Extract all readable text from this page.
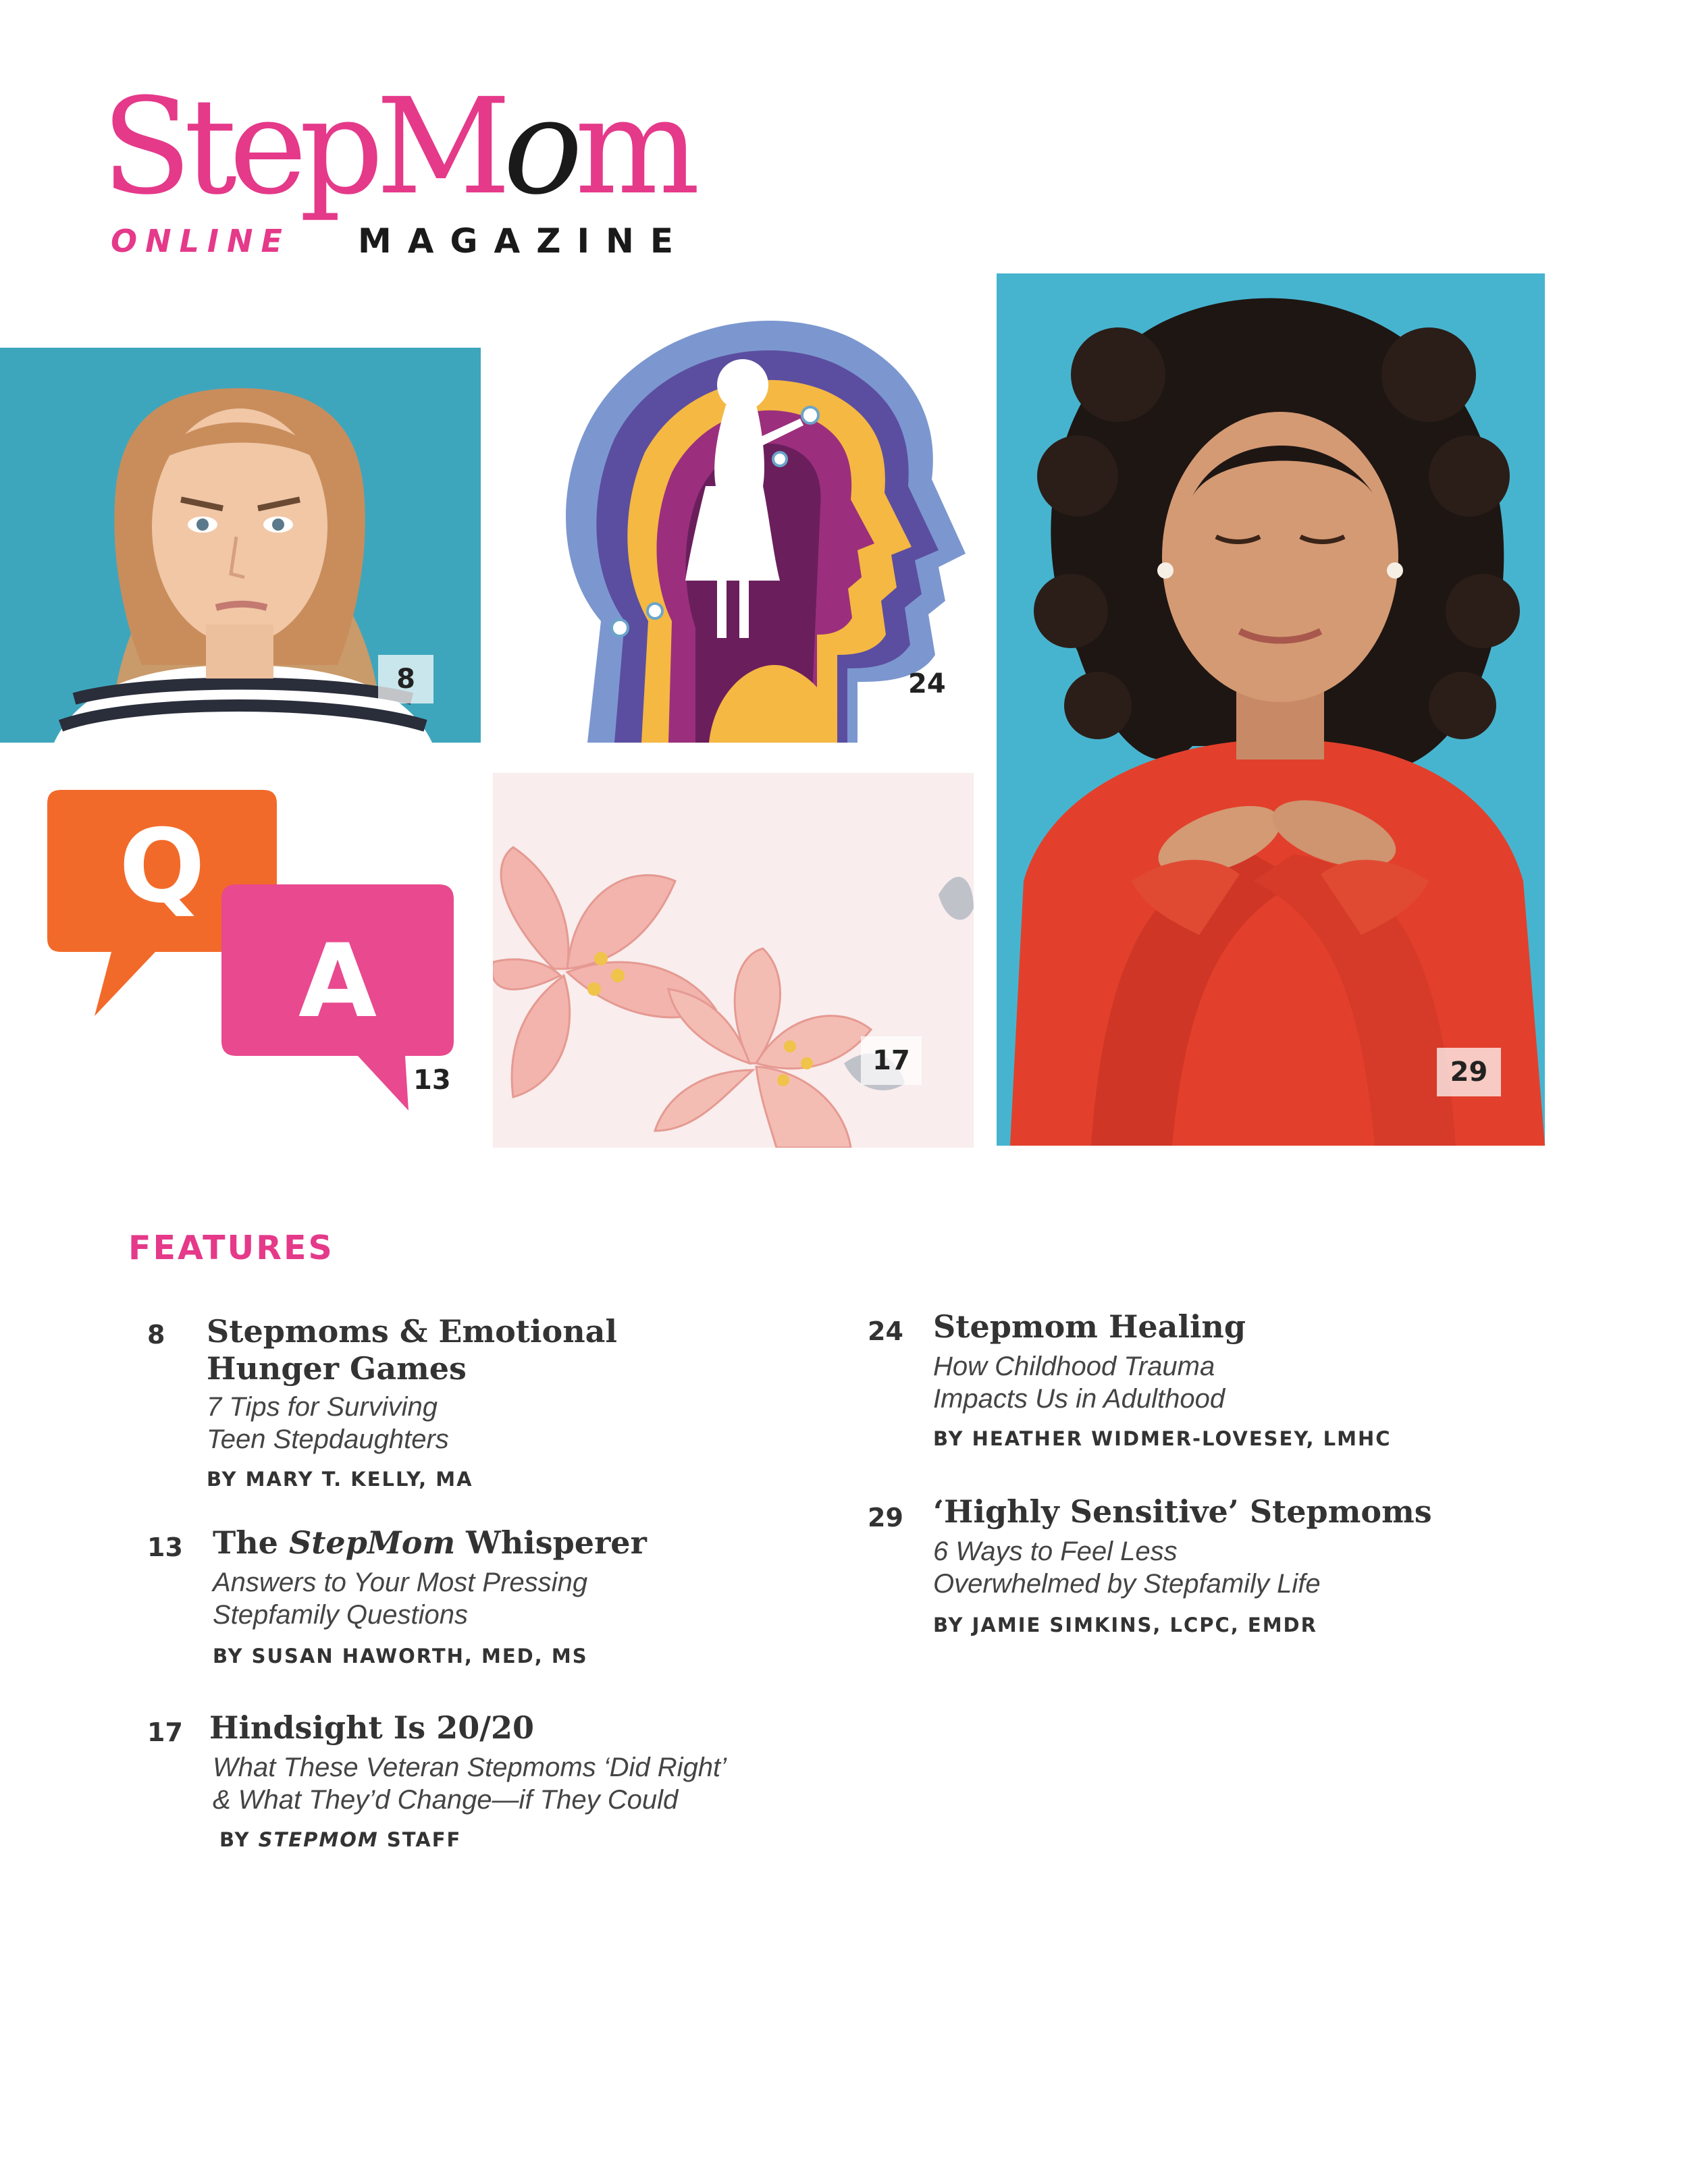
StepMom
ONLINE MAGAZINE
8	24
29
Q
A
13
17
FEATURES
8 Stepmoms & Emotional
Hunger Games
7 Tips for Surviving
Teen Stepdaughters
BY MARY T. KELLY, MA
13 The StepMom Whisperer
Answers to Your Most Pressing
Stepfamily Questions
BY SUSAN HAWORTH, MED, MS
17 Hindsight Is 20/20
What These Veteran Stepmoms ‘Did Right’
& What They’d Change—if They Could
BY STEPMOM STAFF
24 Stepmom Healing
How Childhood Trauma
Impacts Us in Adulthood
BY HEATHER WIDMER-LOVESEY, LMHC
29 ‘Highly Sensitive’ Stepmoms
6 Ways to Feel Less
Overwhelmed by Stepfamily Life
BY JAMIE SIMKINS, LCPC, EMDR
